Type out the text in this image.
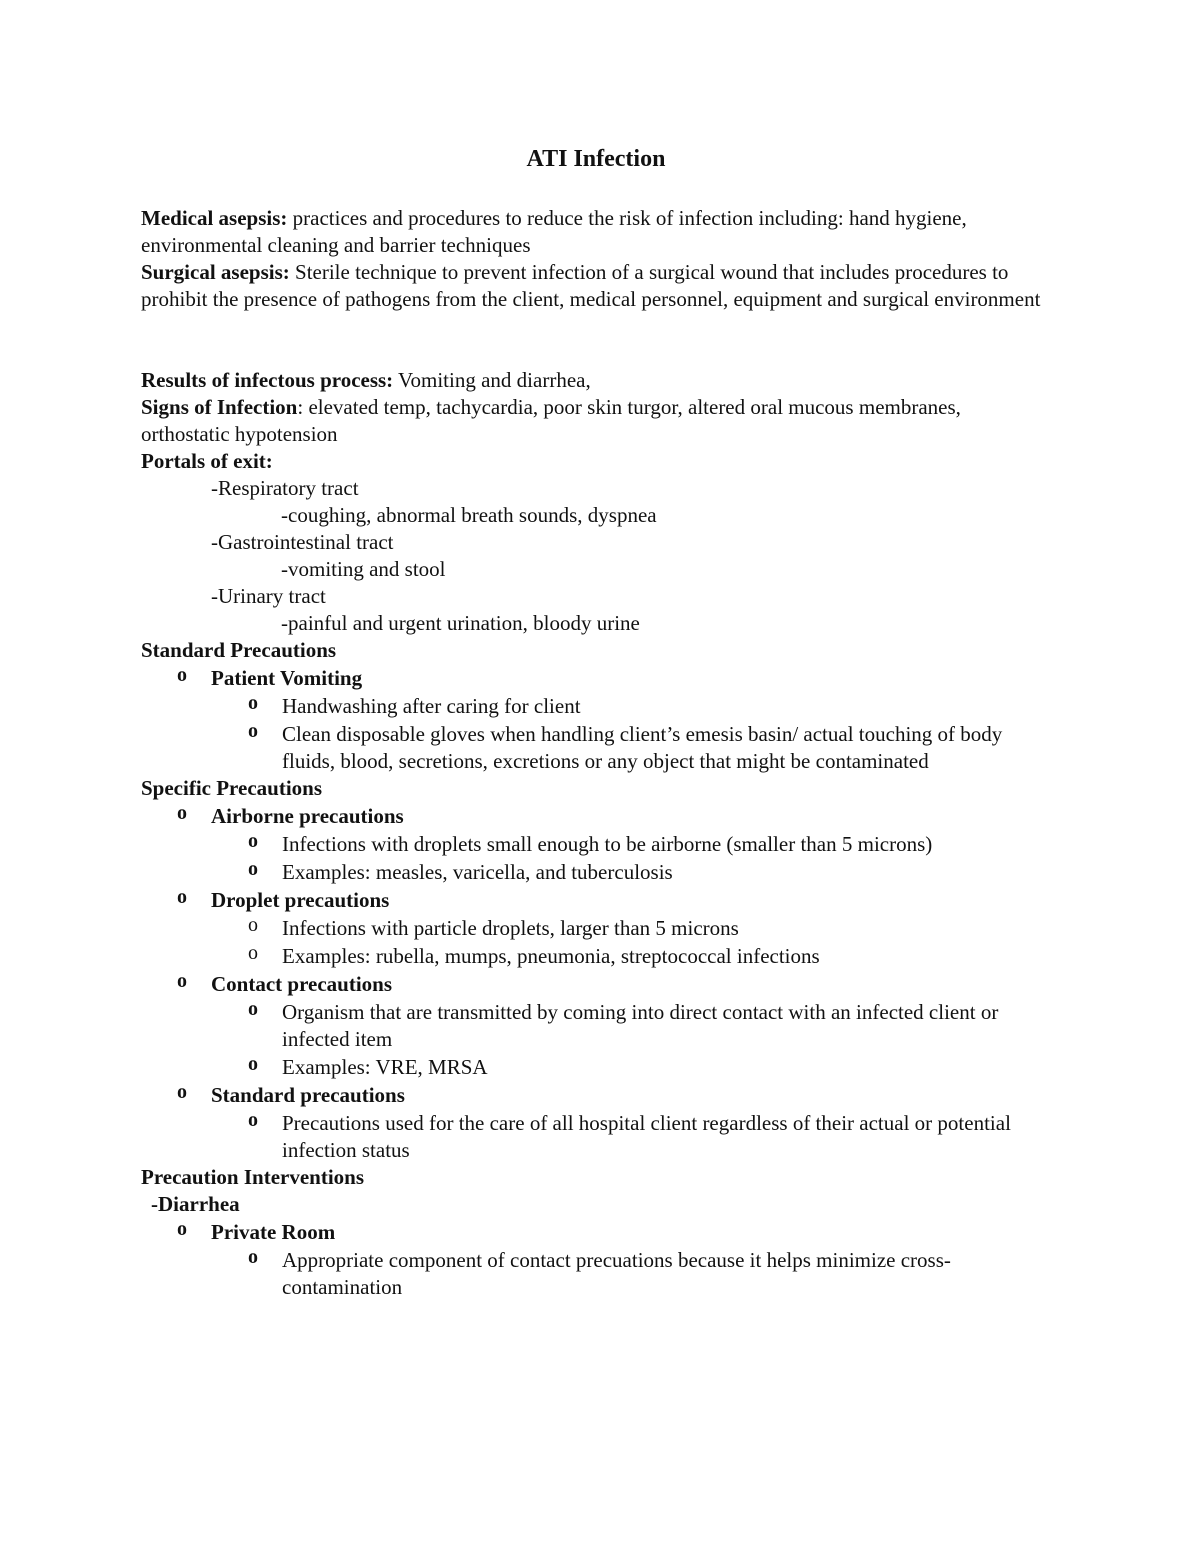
ATI Infection

Medical asepsis: practices and procedures to reduce the risk of infection including: hand hygiene, environmental cleaning and barrier techniques

Surgical asepsis: Sterile technique to prevent infection of a surgical wound that includes procedures to prohibit the presence of pathogens from the client, medical personnel, equipment and surgical environment

Results of infectous process: Vomiting and diarrhea,

Signs of Infection: elevated temp, tachycardia, poor skin turgor, altered oral mucous membranes, orthostatic hypotension

Portals of exit:

-Respiratory tract
-coughing, abnormal breath sounds, dyspnea
-Gastrointestinal tract
-vomiting and stool
-Urinary tract
-painful and urgent urination, bloody urine

Standard Precautions

o Patient Vomiting
o Handwashing after caring for client
o Clean disposable gloves when handling client’s emesis basin/ actual touching of body fluids, blood, secretions, excretions or any object that might be contaminated

Specific Precautions

o Airborne precautions
o Infections with droplets small enough to be airborne (smaller than 5 microns)
o Examples: measles, varicella, and tuberculosis
o Droplet precautions
o Infections with particle droplets, larger than 5 microns
o Examples: rubella, mumps, pneumonia, streptococcal infections
o Contact precautions
o Organism that are transmitted by coming into direct contact with an infected client or infected item
o Examples: VRE, MRSA
o Standard precautions
o Precautions used for the care of all hospital client regardless of their actual or potential infection status

Precaution Interventions

-Diarrhea

o Private Room
o Appropriate component of contact precuations because it helps minimize cross-contamination
